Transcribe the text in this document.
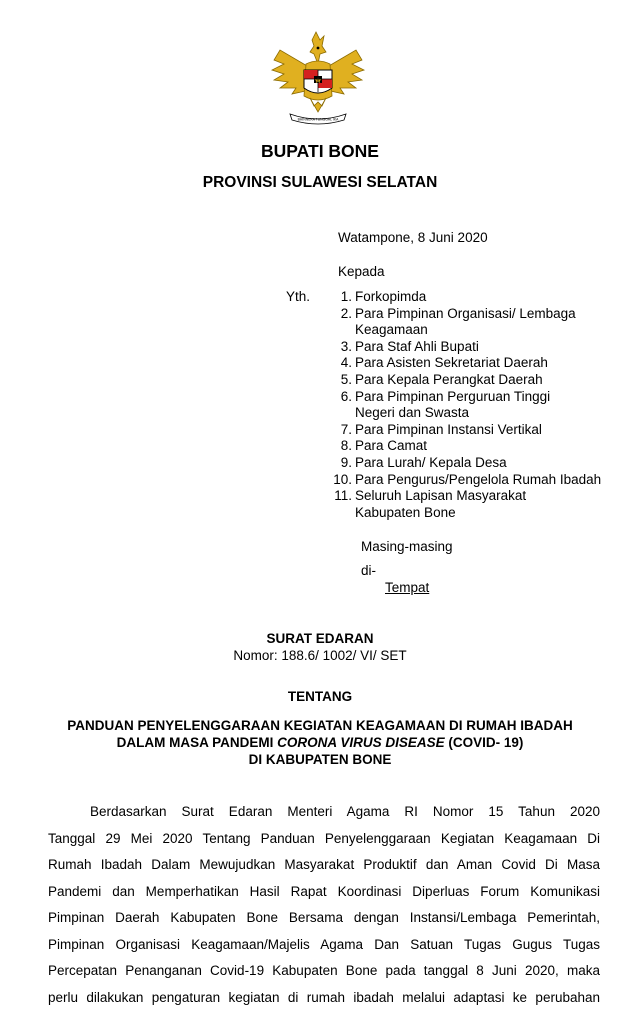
BHINNEKA TUNGGAL IKA
BUPATI BONE
PROVINSI SULAWESI SELATAN
Watampone, 8 Juni 2020
Kepada
Yth.	1. Forkopimda
2. Para Pimpinan Organisasi/ Lembaga
Keagamaan
3. Para Staf Ahli Bupati
4. Para Asisten Sekretariat Daerah
5. Para Kepala Perangkat Daerah
6. Para Pimpinan Perguruan Tinggi
Negeri dan Swasta
7. Para Pimpinan Instansi Vertikal
8. Para Camat
9. Para Lurah/ Kepala Desa
10. Para Pengurus/Pengelola Rumah Ibadah
11. Seluruh Lapisan Masyarakat
Kabupaten Bone
Masing-masing
di-
Tempat
SURAT EDARAN
Nomor: 188.6/ 1002/ VI/ SET
TENTANG
PANDUAN PENYELENGGARAAN KEGIATAN KEAGAMAAN DI RUMAH IBADAH
DALAM MASA PANDEMI CORONA VIRUS DISEASE (COVID- 19)
DI KABUPATEN BONE
Berdasarkan Surat Edaran Menteri Agama RI Nomor 15 Tahun 2020
Tanggal 29 Mei 2020 Tentang Panduan Penyelenggaraan Kegiatan Keagamaan Di
Rumah Ibadah Dalam Mewujudkan Masyarakat Produktif dan Aman Covid Di Masa
Pandemi dan Memperhatikan Hasil Rapat Koordinasi Diperluas Forum Komunikasi
Pimpinan Daerah Kabupaten Bone Bersama dengan Instansi/Lembaga Pemerintah,
Pimpinan Organisasi Keagamaan/Majelis Agama Dan Satuan Tugas Gugus Tugas
Percepatan Penanganan Covid-19 Kabupaten Bone pada tanggal 8 Juni 2020, maka
perlu dilakukan pengaturan kegiatan di rumah ibadah melalui adaptasi ke perubahan
